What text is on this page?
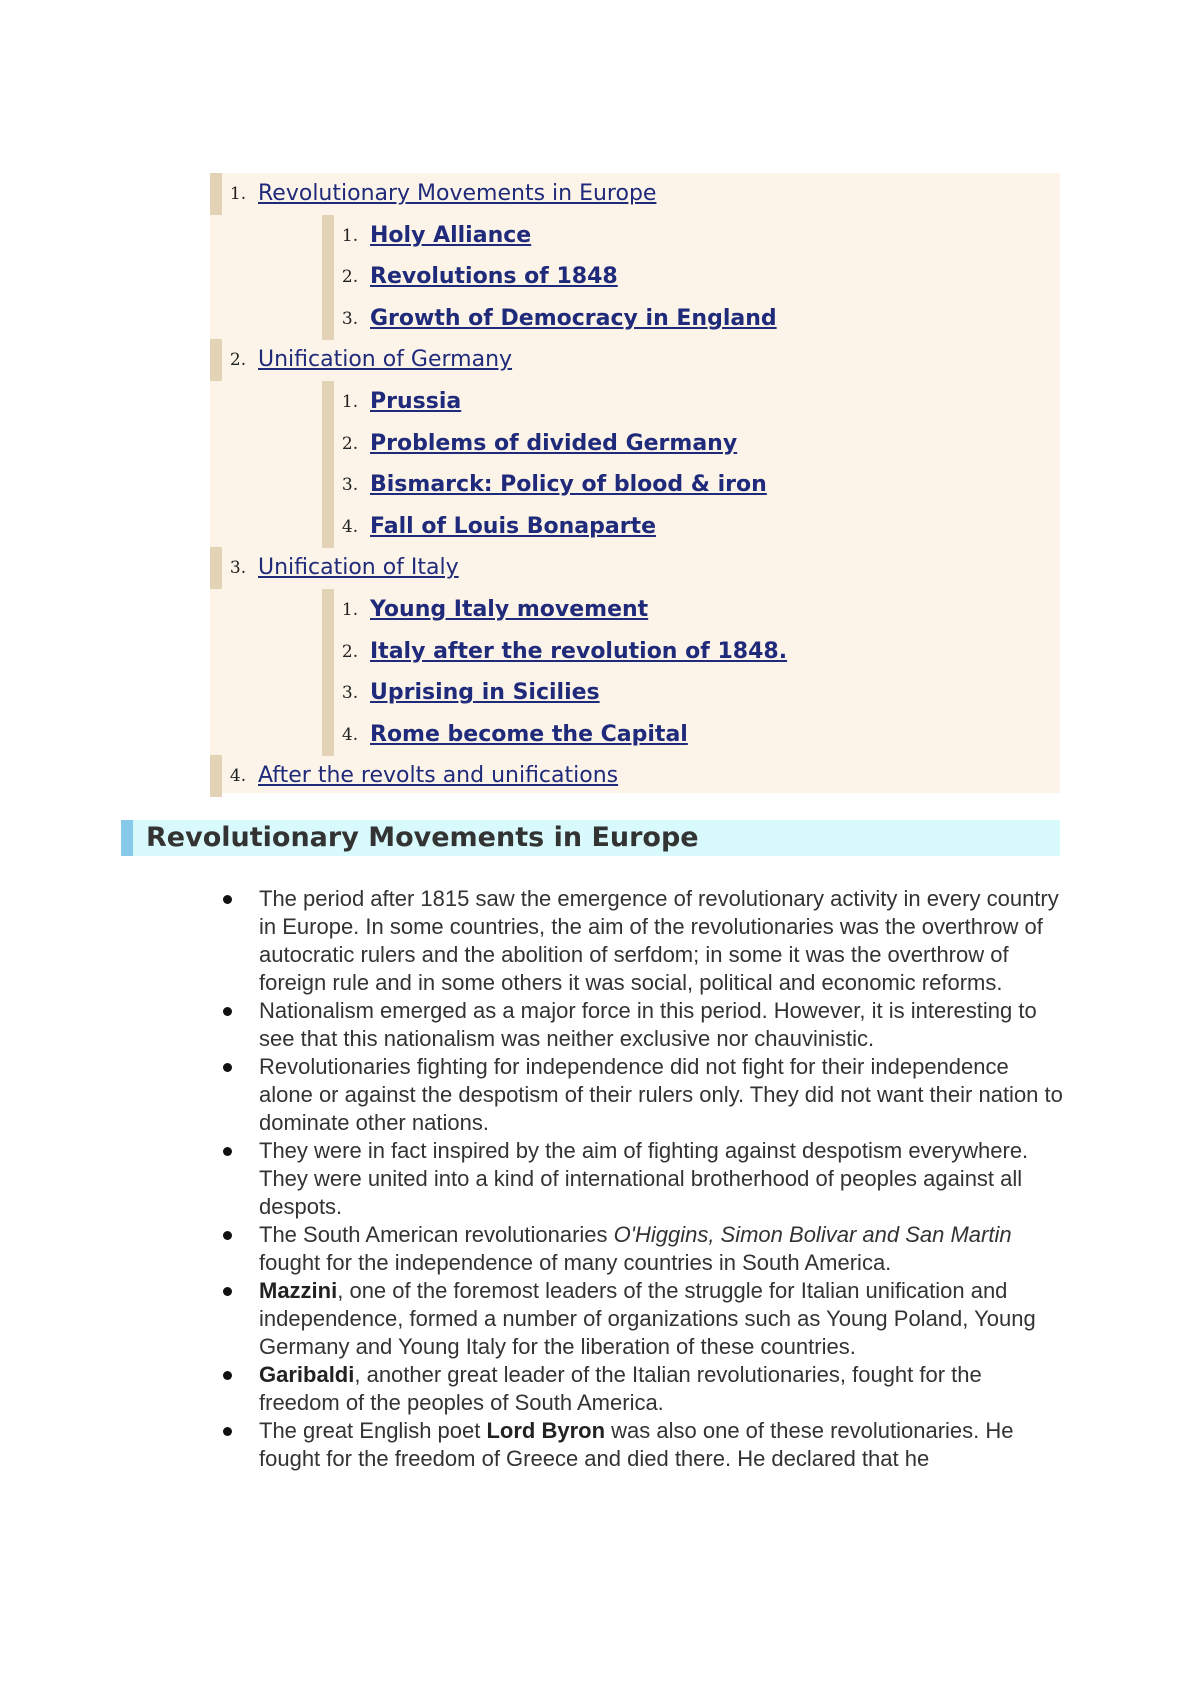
1. Revolutionary Movements in Europe
1. Holy Alliance
2. Revolutions of 1848
3. Growth of Democracy in England
2. Unification of Germany
1. Prussia
2. Problems of divided Germany
3. Bismarck: Policy of blood & iron
4. Fall of Louis Bonaparte
3. Unification of Italy
1. Young Italy movement
2. Italy after the revolution of 1848.
3. Uprising in Sicilies
4. Rome become the Capital
4. After the revolts and unifications
Revolutionary Movements in Europe
The period after 1815 saw the emergence of revolutionary activity in every country in Europe. In some countries, the aim of the revolutionaries was the overthrow of autocratic rulers and the abolition of serfdom; in some it was the overthrow of foreign rule and in some others it was social, political and economic reforms.
Nationalism emerged as a major force in this period. However, it is interesting to see that this nationalism was neither exclusive nor chauvinistic.
Revolutionaries fighting for independence did not fight for their independence alone or against the despotism of their rulers only. They did not want their nation to dominate other nations.
They were in fact inspired by the aim of fighting against despotism everywhere. They were united into a kind of international brotherhood of peoples against all despots.
The South American revolutionaries O'Higgins, Simon Bolivar and San Martin fought for the independence of many countries in South America.
Mazzini, one of the foremost leaders of the struggle for Italian unification and independence, formed a number of organizations such as Young Poland, Young Germany and Young Italy for the liberation of these countries.
Garibaldi, another great leader of the Italian revolutionaries, fought for the freedom of the peoples of South America.
The great English poet Lord Byron was also one of these revolutionaries. He fought for the freedom of Greece and died there. He declared that he
